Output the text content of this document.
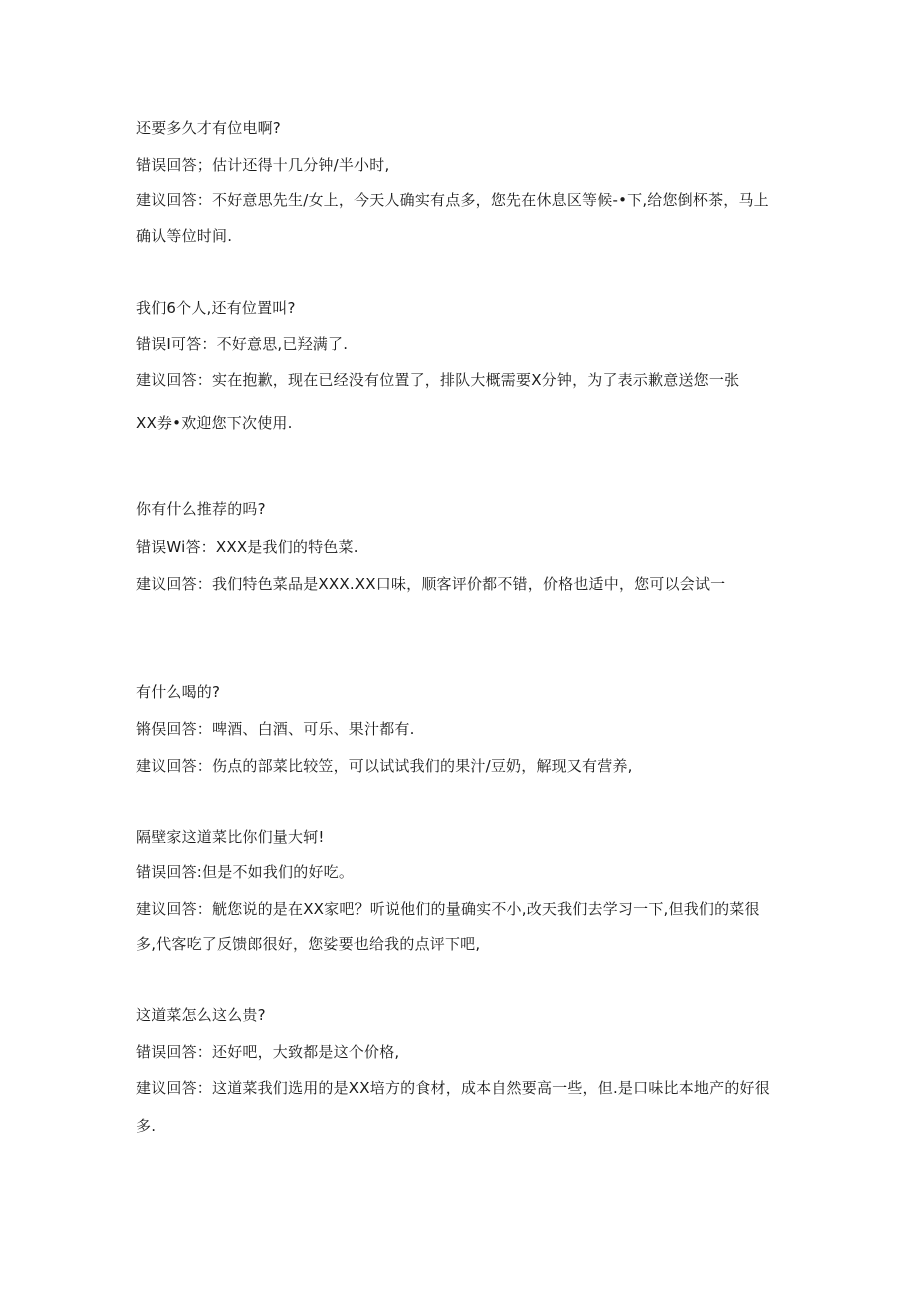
还要多久才有位电啊?
错误回答；估计还得十几分钟/半小时,
建议回答：不好意思先生/女上，今天人确实有点多，您先在休息区等候-•下,给您倒杯茶，马上
确认等位时间.
我们6个人,还有位置叫?
错误I可答：不好意思,已羟满了.
建议回答：实在抱歉，现在已经没有位置了，排队大概需要X分钟，为了表示歉意送您一张
XX券•欢迎您下次使用.
你有什么推荐的吗?
错误Wi答：XXX是我们的特色菜.
建议回答：我们特色菜品是XXX.XX口味，顺客评价都不错，价格也适中，您可以会试一
有什么喝的?
锵俣回答：啤酒、白酒、可乐、果汁都有.
建议回答：伤点的部菜比较笠，可以试试我们的果汁/豆奶，解现又有营养,
隔壁家这道菜比你们量大轲!
错误回答:但是不如我们的好吃。
建议回答：觥您说的是在XX家吧？听说他们的量确实不小,改天我们去学习一下,但我们的菜很
多,代客吃了反馈郎很好，您娑要也给我的点评下吧,
这道菜怎么这么贵?
错误回答：还好吧，大致都是这个价格,
建议回答：这道菜我们选用的是XX培方的食材，成本自然要高一些，但.是口味比本地产的好很
多.
